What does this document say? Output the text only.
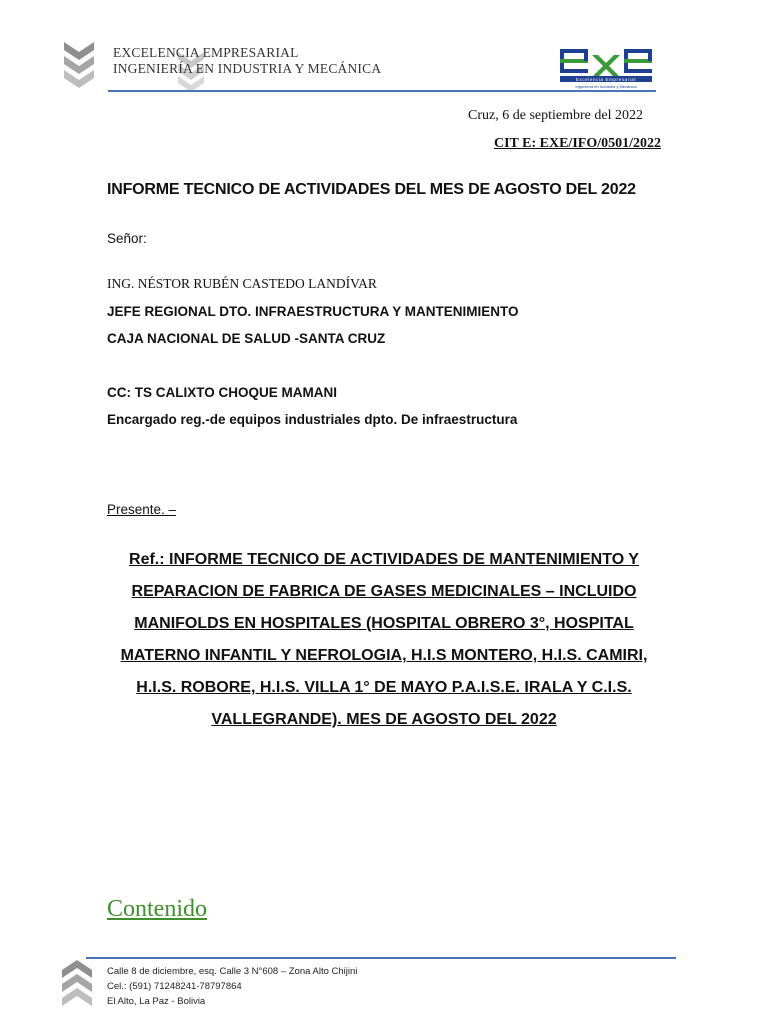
EXCELENCIA EMPRESARIAL
INGENIERÍA EN INDUSTRIA Y MECÁNICA
Excelencia Empresarial
Ingeniería en Industria y Mecánica
Cruz, 6 de septiembre del 2022
CIT E: EXE/IFO/0501/2022
INFORME TECNICO DE ACTIVIDADES DEL MES DE AGOSTO DEL 2022
Señor:
ING. NÉSTOR RUBÉN CASTEDO LANDÍVAR
JEFE REGIONAL DTO. INFRAESTRUCTURA Y MANTENIMIENTO
CAJA NACIONAL DE SALUD -SANTA CRUZ
CC: TS CALIXTO CHOQUE MAMANI
Encargado reg.-de equipos industriales dpto. De infraestructura
Presente. –
Ref.: INFORME TECNICO DE ACTIVIDADES DE MANTENIMIENTO Y
REPARACION DE FABRICA DE GASES MEDICINALES – INCLUIDO
MANIFOLDS EN HOSPITALES (HOSPITAL OBRERO 3°, HOSPITAL
MATERNO INFANTIL Y NEFROLOGIA, H.I.S MONTERO, H.I.S. CAMIRI,
H.I.S. ROBORE, H.I.S. VILLA 1° DE MAYO P.A.I.S.E. IRALA Y C.I.S.
VALLEGRANDE). MES DE AGOSTO DEL 2022
Contenido
Calle 8 de diciembre, esq. Calle 3 N°608 – Zona Alto Chijini
Cel.: (591) 71248241-78797864
El Alto, La Paz - Bolivia
